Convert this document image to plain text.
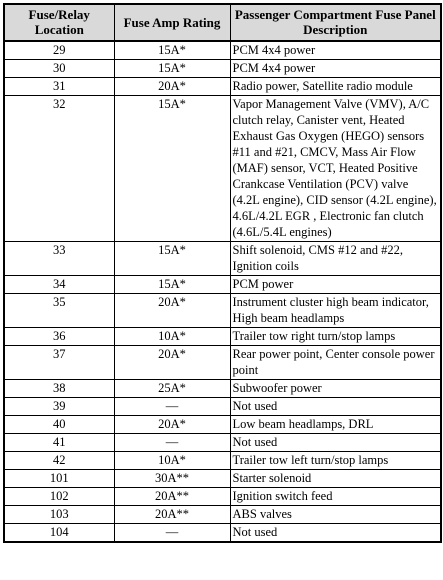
Fuse/Relay Location	Fuse Amp Rating	Passenger Compartment Fuse Panel Description
29	15A*	PCM 4x4 power
30	15A*	PCM 4x4 power
31	20A*	Radio power, Satellite radio module
32	15A*	Vapor Management Valve (VMV), A/C clutch relay, Canister vent, Heated Exhaust Gas Oxygen (HEGO) sensors #11 and #21, CMCV, Mass Air Flow (MAF) sensor, VCT, Heated Positive Crankcase Ventilation (PCV) valve (4.2L engine), CID sensor (4.2L engine), 4.6L/4.2L EGR , Electronic fan clutch (4.6L/5.4L engines)
33	15A*	Shift solenoid, CMS #12 and #22, Ignition coils
34	15A*	PCM power
35	20A*	Instrument cluster high beam indicator, High beam headlamps
36	10A*	Trailer tow right turn/stop lamps
37	20A*	Rear power point, Center console power point
38	25A*	Subwoofer power
39	—	Not used
40	20A*	Low beam headlamps, DRL
41	—	Not used
42	10A*	Trailer tow left turn/stop lamps
101	30A**	Starter solenoid
102	20A**	Ignition switch feed
103	20A**	ABS valves
104	—	Not used
